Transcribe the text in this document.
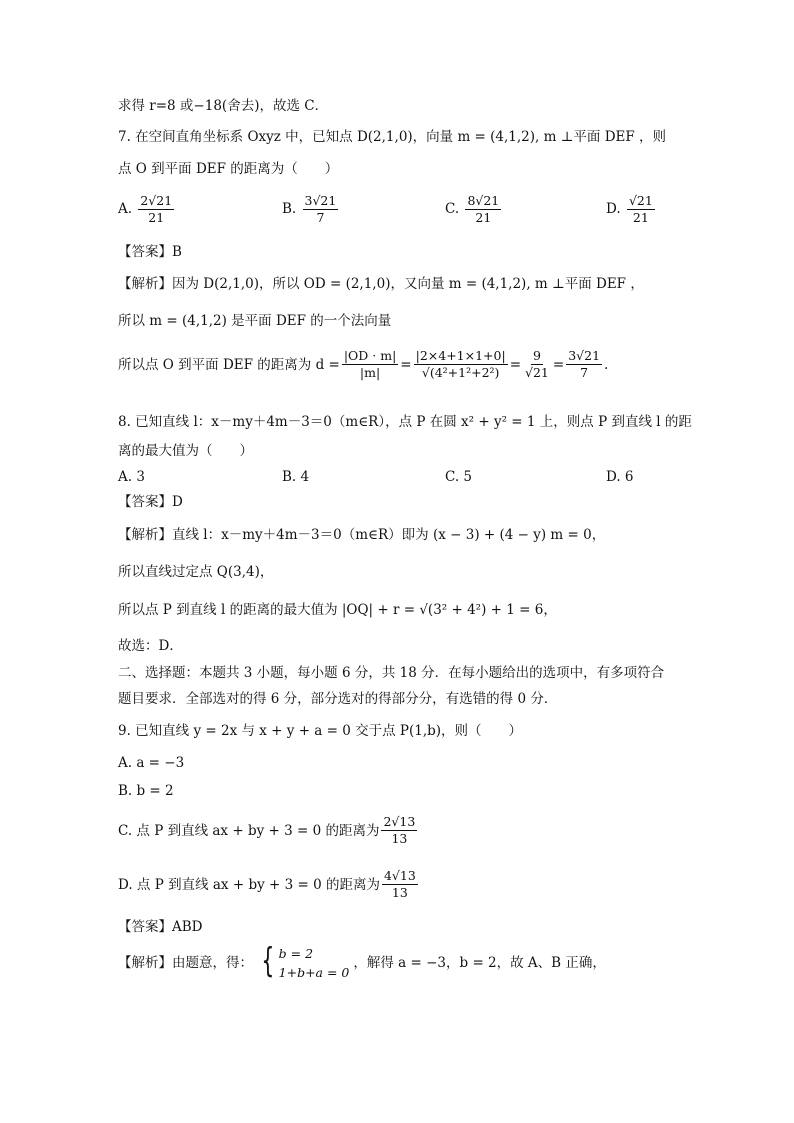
求得 r=8 或−18(舍去)，故选 C．
7. 在空间直角坐标系 Oxyz 中，已知点 D(2,1,0)，向量 m = (4,1,2), m ⊥平面 DEF ，则
点 O 到平面 DEF 的距离为（　　）
A. $\frac{2√21}{21}$	B. $\frac{3√21}{7}$	C. $\frac{8√21}{21}$	D. $\frac{√21}{21}$
【答案】B
【解析】因为 D(2,1,0)，所以 OD = (2,1,0)，又向量 m = (4,1,2), m ⊥平面 DEF ，
所以 m = (4,1,2) 是平面 DEF 的一个法向量
所以点 O 到平面 DEF 的距离为 $d = \frac{|OD \cdot m|}{|m|} = \frac{|2\times 4+1\times 1+0|}{\text{√(4²+1²+2²)}} = \frac{9}{√21} = \frac{3√21}{7}$ .
8. 已知直线 l：x－my＋4m－3＝0（m∈R），点 P 在圆 x² + y² = 1 上，则点 P 到直线 l 的距
离的最大值为（　　）
A. 3	B. 4	C. 5	D. 6
【答案】D
【解析】直线 l：x－my＋4m－3＝0（m∈R）即为 (x − 3) + (4 − y) m = 0，
所以直线过定点 Q(3,4)，
所以点 P 到直线 l 的距离的最大值为 |OQ| + r = √(3² + 4²) + 1 = 6，
故选：D．
二、选择题：本题共 3 小题，每小题 6 分，共 18 分．在每小题给出的选项中，有多项符合
题目要求．全部选对的得 6 分，部分选对的得部分分，有选错的得 0 分．
9. 已知直线 y = 2x 与 x + y + a = 0 交于点 P(1,b)，则（　　）
A. a = −3
B. b = 2
C. 点 P 到直线 ax + by + 3 = 0 的距离为 $\frac{2√13}{13}$
D. 点 P 到直线 ax + by + 3 = 0 的距离为 $\frac{4√13}{13}$
【答案】ABD
【解析】由题意，得： { b = 2
1+b+a = 0
，解得 a = −3，b = 2，故 A、B 正确，
